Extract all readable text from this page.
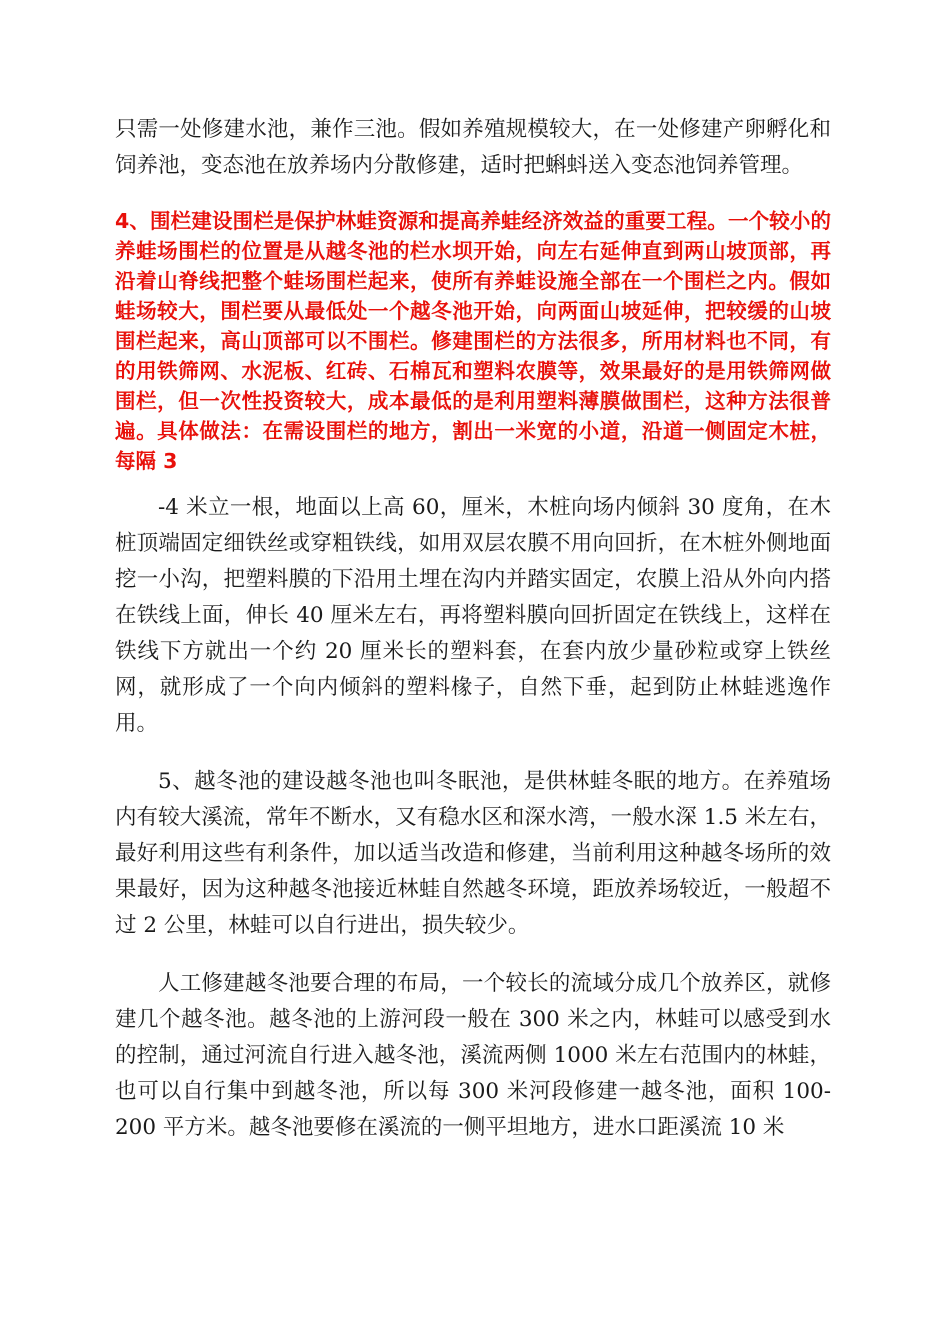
只需一处修建水池，兼作三池。假如养殖规模较大，在一处修建产卵孵化和饲养池，变态池在放养场内分散修建，适时把蝌蚪送入变态池饲养管理。

4、围栏建设围栏是保护林蛙资源和提高养蛙经济效益的重要工程。一个较小的养蛙场围栏的位置是从越冬池的栏水坝开始，向左右延伸直到两山坡顶部，再沿着山脊线把整个蛙场围栏起来，使所有养蛙设施全部在一个围栏之内。假如蛙场较大，围栏要从最低处一个越冬池开始，向两面山坡延伸，把较缓的山坡围栏起来，高山顶部可以不围栏。修建围栏的方法很多，所用材料也不同，有的用铁筛网、水泥板、红砖、石棉瓦和塑料农膜等，效果最好的是用铁筛网做围栏，但一次性投资较大，成本最低的是利用塑料薄膜做围栏，这种方法很普遍。具体做法：在需设围栏的地方，割出一米宽的小道，沿道一侧固定木桩，每隔 3

-4 米立一根，地面以上高 60，厘米，木桩向场内倾斜 30 度角，在木桩顶端固定细铁丝或穿粗铁线，如用双层农膜不用向回折，在木桩外侧地面挖一小沟，把塑料膜的下沿用土埋在沟内并踏实固定，农膜上沿从外向内搭在铁线上面，伸长 40 厘米左右，再将塑料膜向回折固定在铁线上，这样在铁线下方就出一个约 20 厘米长的塑料套，在套内放少量砂粒或穿上铁丝网，就形成了一个向内倾斜的塑料椽子，自然下垂，起到防止林蛙逃逸作用。

5、越冬池的建设越冬池也叫冬眠池，是供林蛙冬眠的地方。在养殖场内有较大溪流，常年不断水，又有稳水区和深水湾，一般水深 1.5 米左右，最好利用这些有利条件，加以适当改造和修建，当前利用这种越冬场所的效果最好，因为这种越冬池接近林蛙自然越冬环境，距放养场较近，一般超不过 2 公里，林蛙可以自行进出，损失较少。

人工修建越冬池要合理的布局，一个较长的流域分成几个放养区，就修建几个越冬池。越冬池的上游河段一般在 300 米之内，林蛙可以感受到水的控制，通过河流自行进入越冬池，溪流两侧 1000 米左右范围内的林蛙，也可以自行集中到越冬池，所以每 300 米河段修建一越冬池，面积 100-200 平方米。越冬池要修在溪流的一侧平坦地方，进水口距溪流 10 米
